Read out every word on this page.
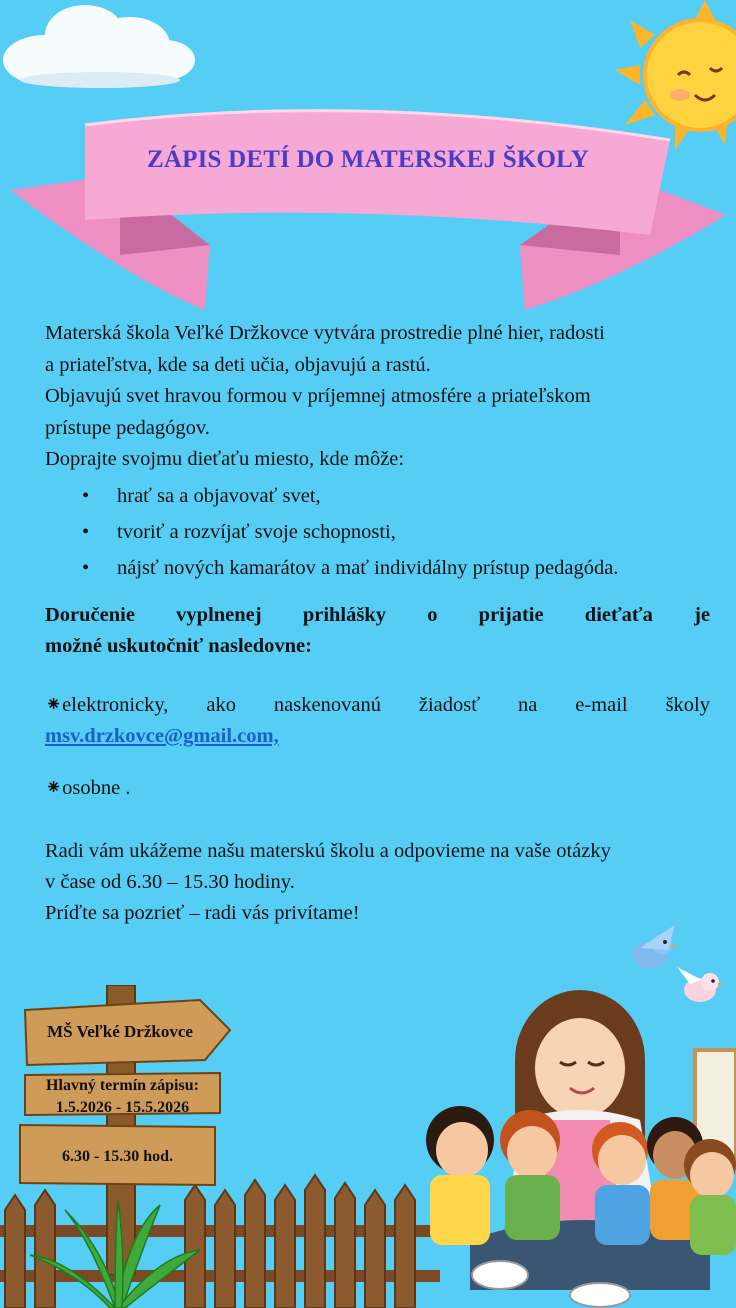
ZÁPIS DETÍ DO MATERSKEJ ŠKOLY

Materská škola Veľké Držkovce vytvára prostredie plné hier, radosti

a priateľstva, kde sa deti učia, objavujú a rastú.

Objavujú svet hravou formou v príjemnej atmosfére a priateľskom

prístupe pedagógov.

Doprajte svojmu dieťaťu miesto, kde môže:

• hrať sa a objavovať svet,
• tvoriť a rozvíjať svoje schopnosti,
• nájsť nových kamarátov a mať individálny prístup pedagóda.
Doručenie vyplnenej prihlášky o prijatie dieťaťa je
možné uskutočniť nasledovne:
⁕elektronicky, ako naskenovanú žiadosť na e-mail školy
msv.drzkovce@gmail.com,
⁕osobne .

Radi vám ukážeme našu materskú školu a odpovieme na vaše otázky

v čase od 6.30 – 15.30 hodiny.

Príďte sa pozrieť – radi vás privítame!

MŠ Veľké Držkovce
Hlavný termín zápisu:
1.5.2026 - 15.5.2026
6.30 - 15.30 hod.
